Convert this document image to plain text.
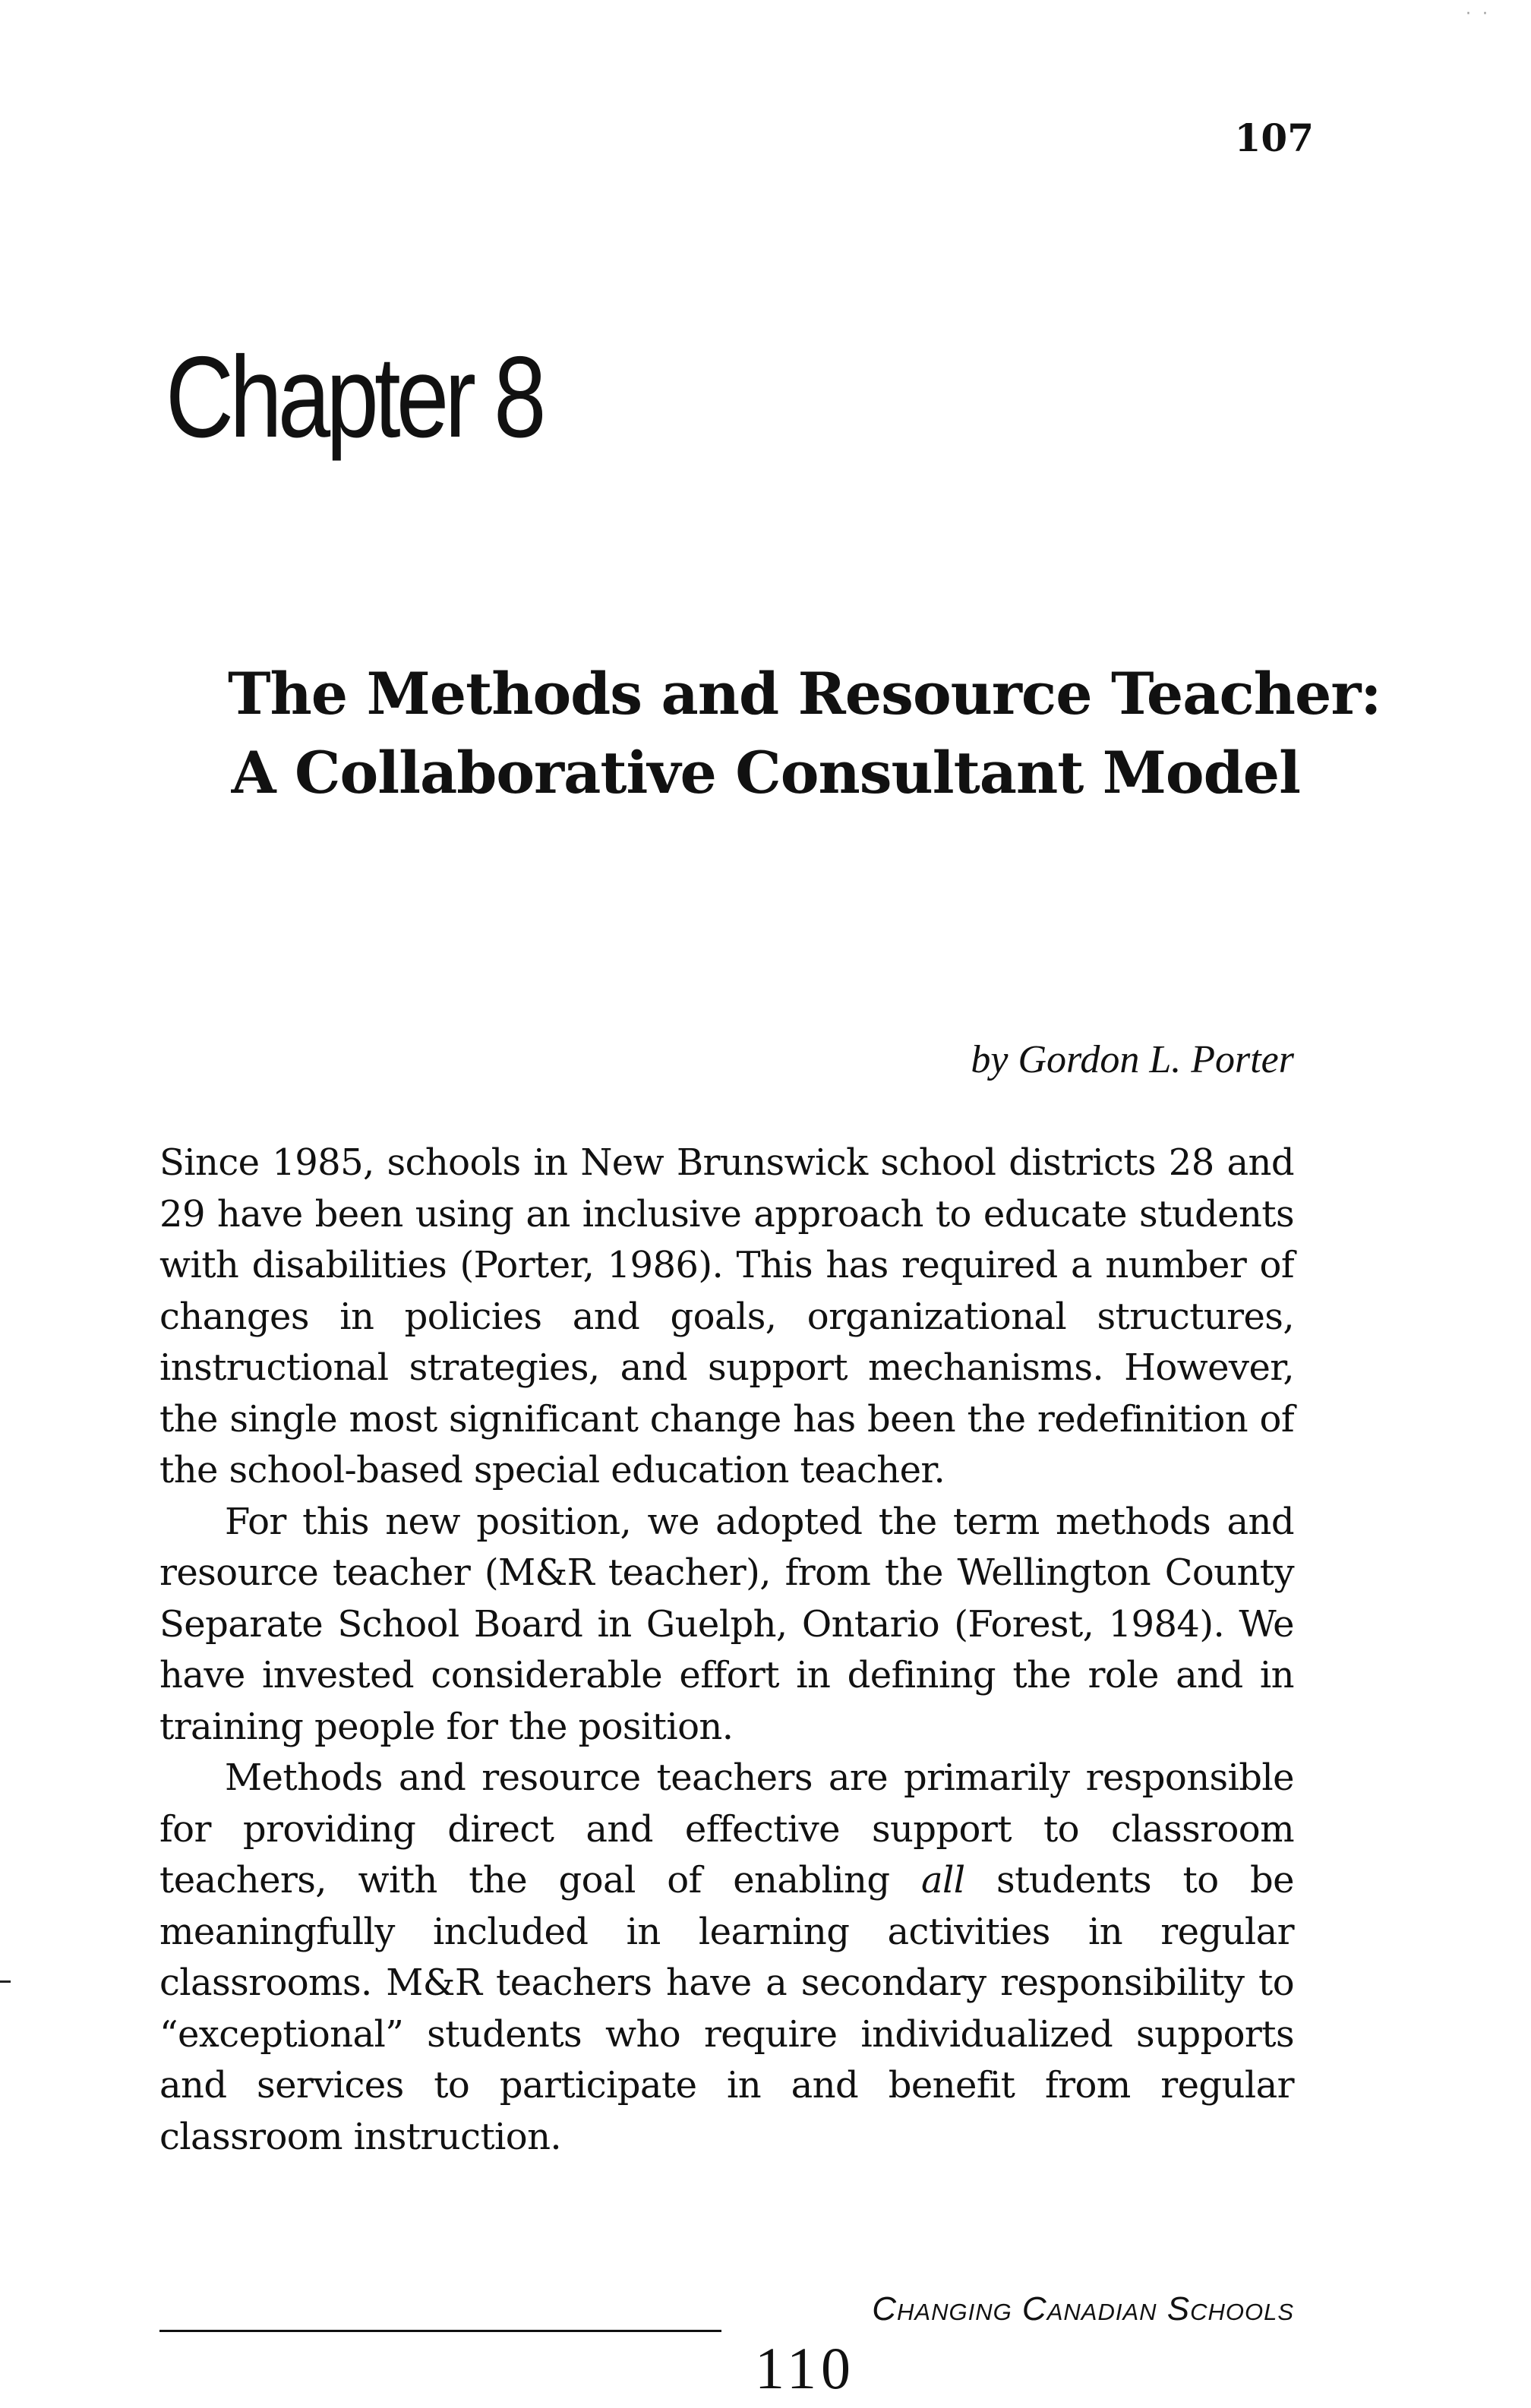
107
· ·
Chapter 8
The Methods and Resource Teacher:
A Collaborative Consultant Model
by Gordon L. Porter

Since 1985, schools in New Brunswick school districts 28 and 29 have been using an inclusive approach to educate students with disabilities (Porter, 1986). This has required a number of changes in policies and goals, organizational structures, instructional strategies, and support mechanisms. However, the single most significant change has been the redefinition of the school-based special education teacher.

For this new position, we adopted the term methods and resource teacher (M&R teacher), from the Wellington County Separate School Board in Guelph, Ontario (Forest, 1984). We have invested considerable effort in defining the role and in training people for the position.

Methods and resource teachers are primarily responsible for providing direct and effective support to classroom teachers, with the goal of enabling all students to be meaningfully included in learning activities in regular classrooms. M&R teachers have a secondary responsibility to “exceptional” students who require individualized supports and services to participate in and benefit from regular classroom instruction.

Changing Canadian Schools
110
